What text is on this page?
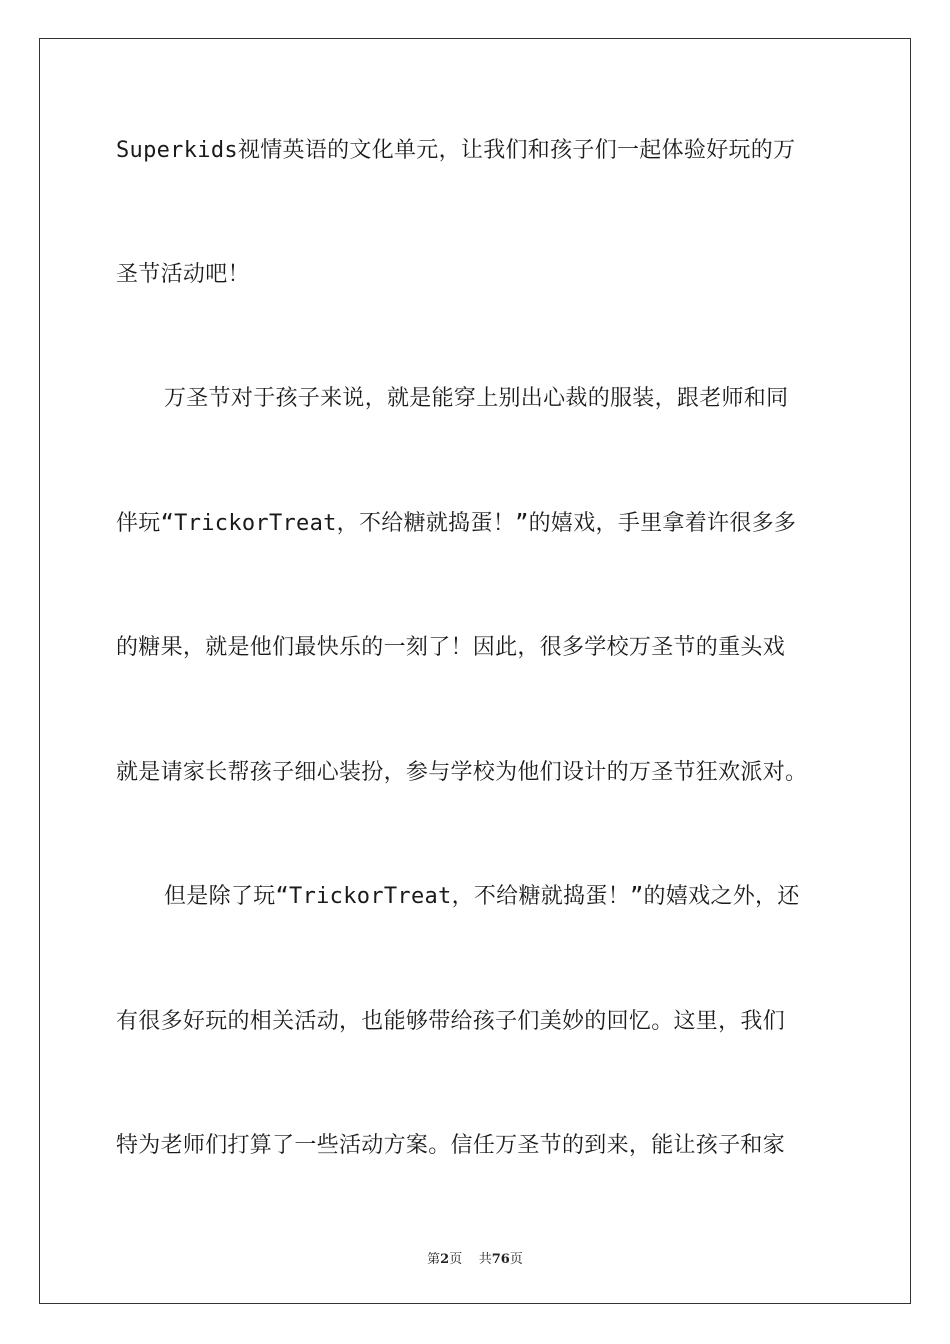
Superkids视情英语的文化单元，让我们和孩子们一起体验好玩的万
圣节活动吧！
万圣节对于孩子来说，就是能穿上别出心裁的服装，跟老师和同
伴玩“TrickorTreat，不给糖就捣蛋！”的嬉戏，手里拿着许很多多
的糖果，就是他们最快乐的一刻了！因此，很多学校万圣节的重头戏
就是请家长帮孩子细心装扮，参与学校为他们设计的万圣节狂欢派对。
但是除了玩“TrickorTreat，不给糖就捣蛋！”的嬉戏之外，还
有很多好玩的相关活动，也能够带给孩子们美妙的回忆。这里，我们
特为老师们打算了一些活动方案。信任万圣节的到来，能让孩子和家
第2页 共76页
